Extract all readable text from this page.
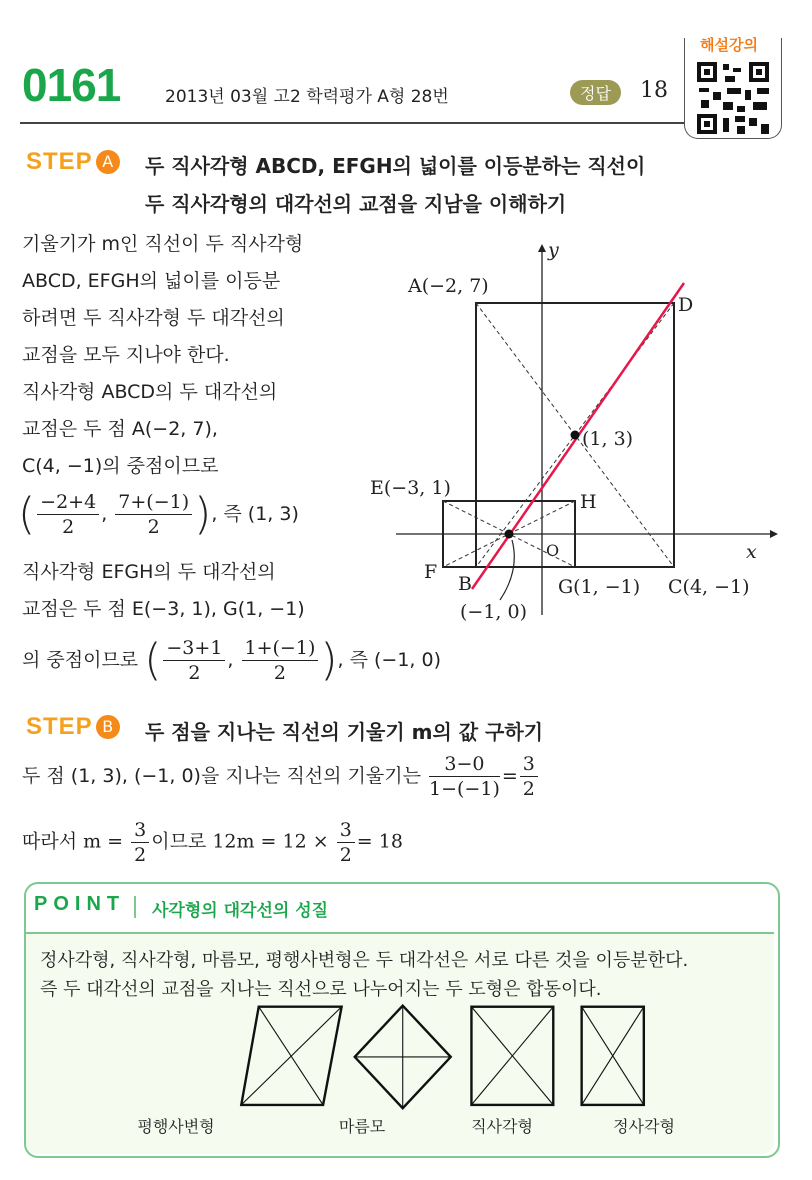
0161	2013년 03월 고2 학력평가 A형 28번	정답	18
해설강의
STEP A	두 직사각형 ABCD, EFGH의 넓이를 이등분하는 직선이
두 직사각형의 대각선의 교점을 지남을 이해하기
기울기가 m인 직선이 두 직사각형
ABCD, EFGH의 넓이를 이등분
하려면 두 직사각형 두 대각선의
교점을 모두 지나야 한다.
직사각형 ABCD의 두 대각선의
교점은 두 점 A(−2, 7),
C(4, −1)의 중점이므로
( $\frac{-2+4}{2}$ , $\frac{7+(-1)}{2}$ ), 즉 (1, 3)
직사각형 EFGH의 두 대각선의
교점은 두 점 E(−3, 1), G(1, −1)
의 중점이므로 ( $\frac{-3+1}{2}$ , $\frac{1+(-1)}{2}$ ), 즉 (−1, 0)
y
x
A(−2, 7)
D
(1, 3)
E(−3, 1)
H
F
B
O
G(1, −1) C(4, −1)
(−1, 0)
STEP B	두 점을 지나는 직선의 기울기 m의 값 구하기
두 점 (1, 3), (−1, 0)을 지나는 직선의 기울기는 $\frac{3-0}{1-(-1)} = \frac{3}{2}$
따라서 $m = \frac{3}{2}$ 이므로 $12m = 12 \times \frac{3}{2} = 18$
POINT 사각형의 대각선의 성질
정사각형, 직사각형, 마름모, 평행사변형은 두 대각선은 서로 다른 것을 이등분한다.
즉 두 대각선의 교점을 지나는 직선으로 나누어지는 두 도형은 합동이다.
평행사변형	마름모	직사각형	정사각형
